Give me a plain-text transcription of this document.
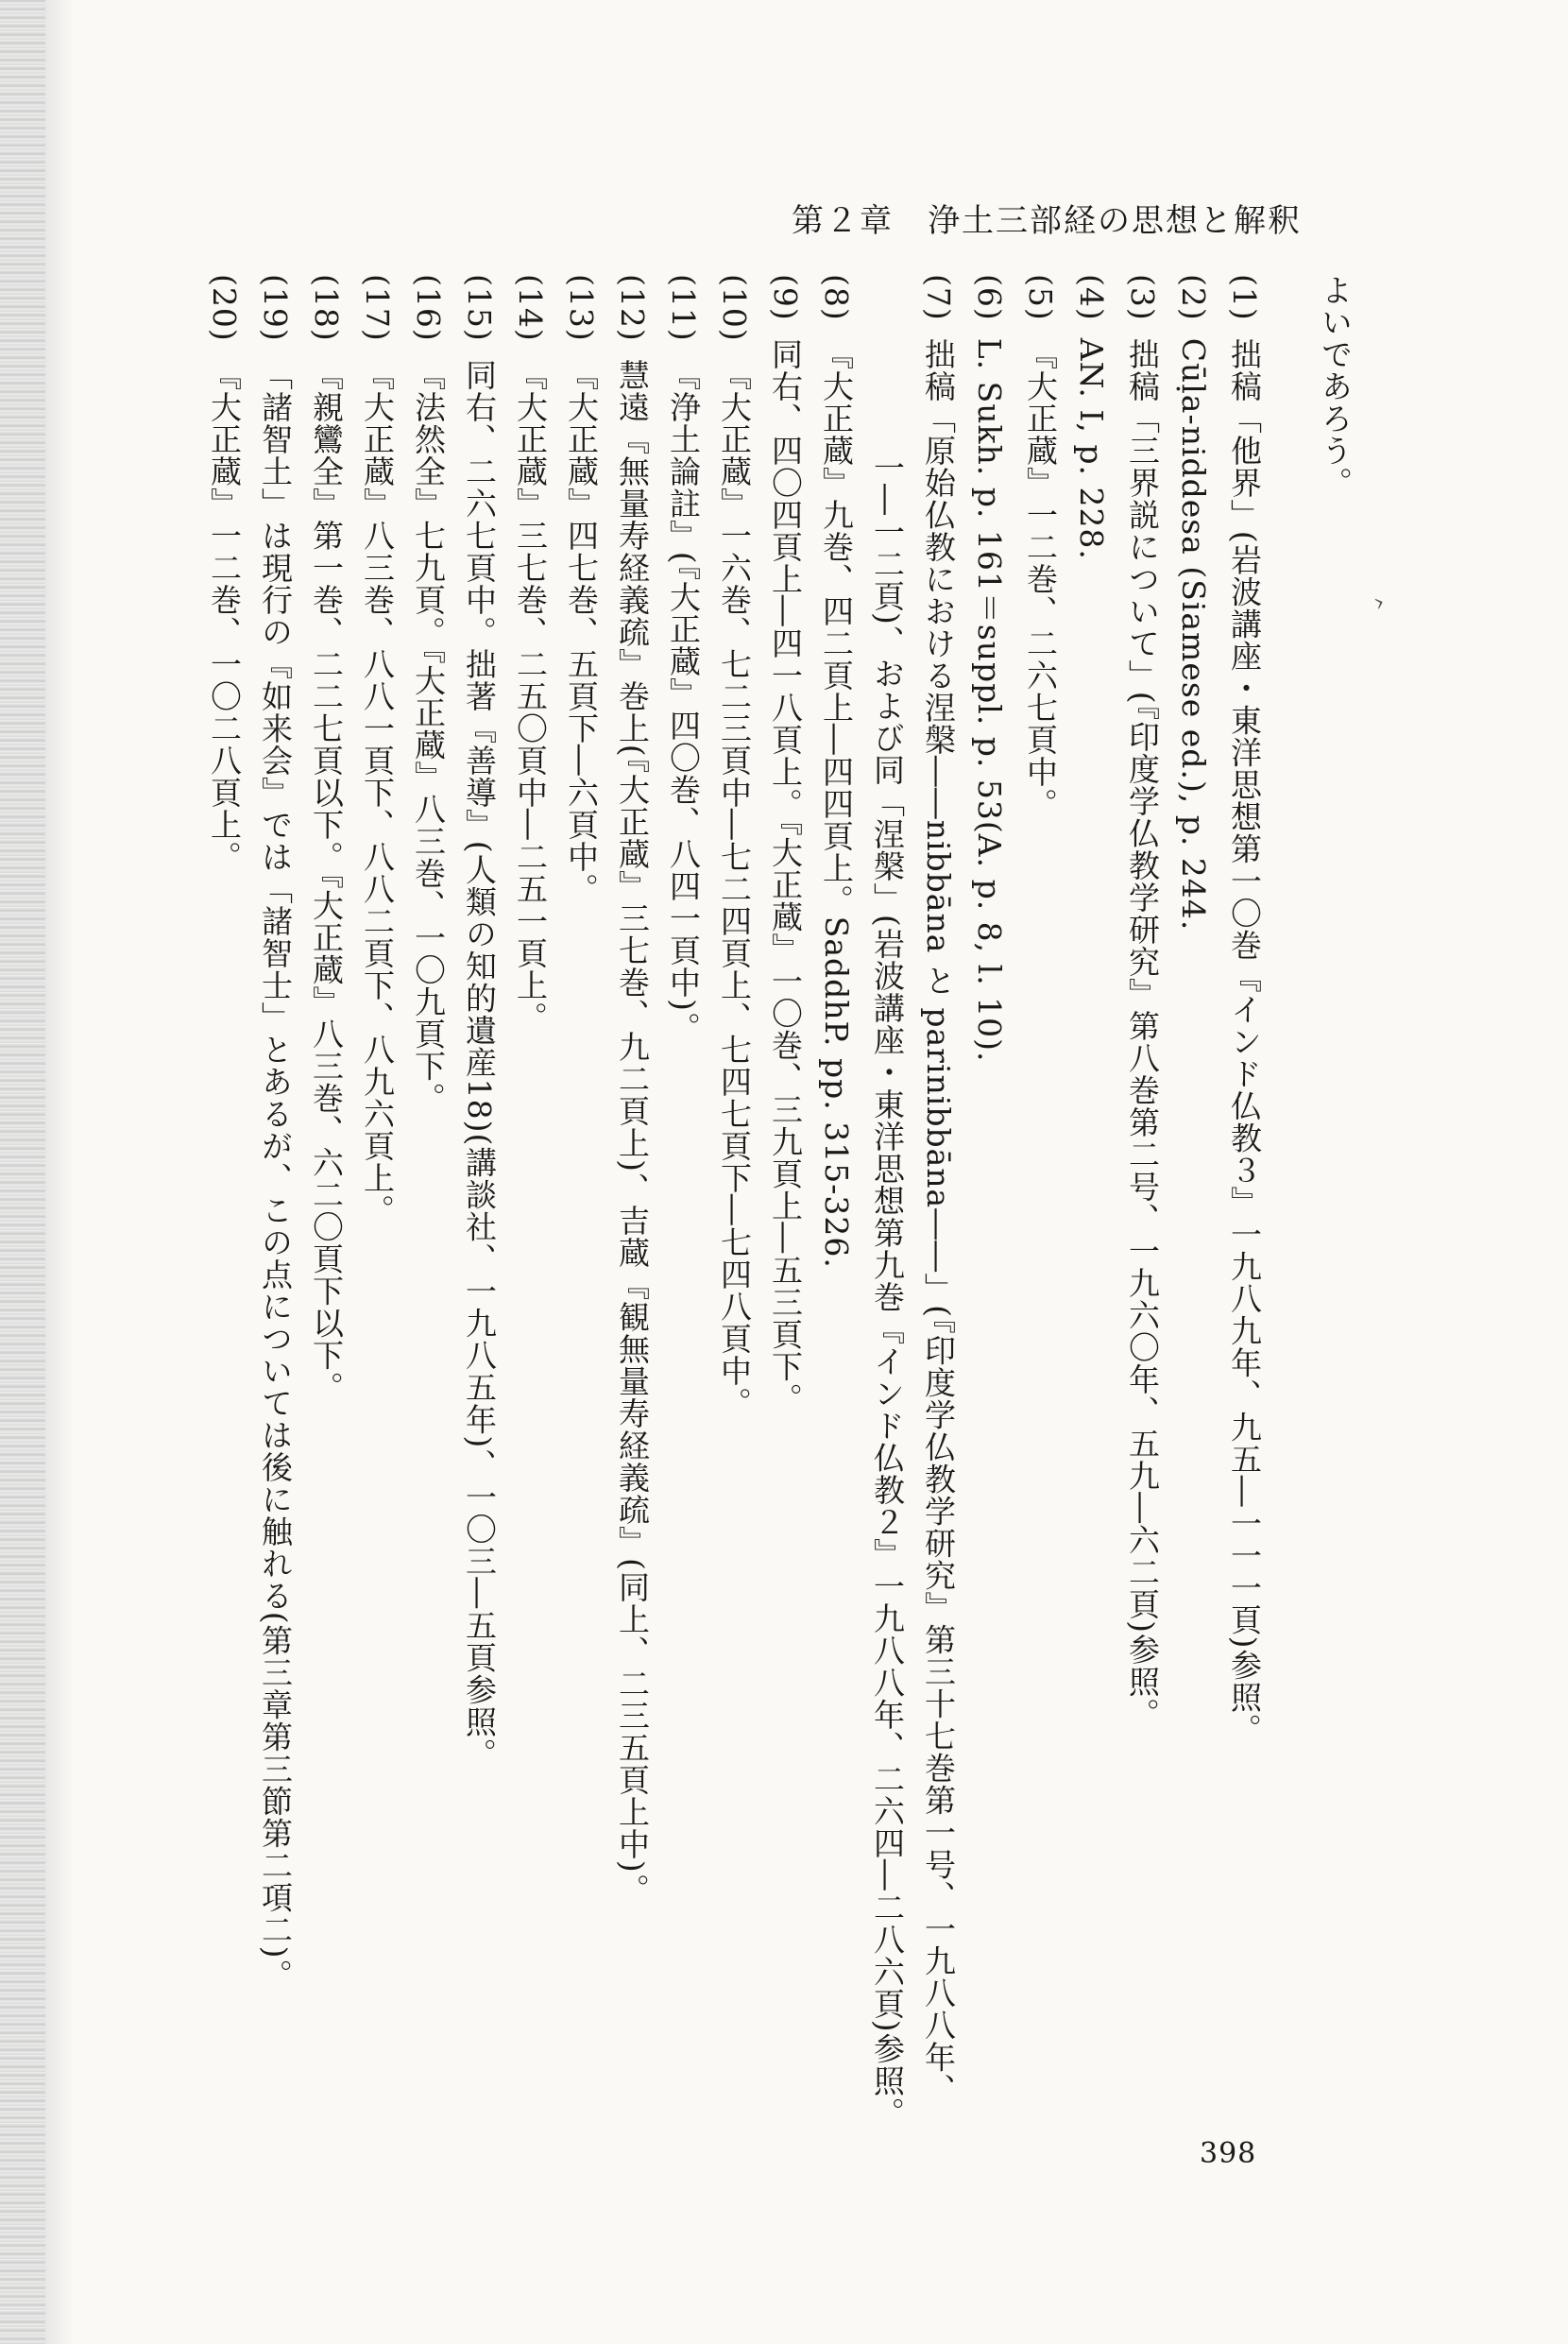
第２章　浄土三部経の思想と解釈
›
よいであろう。
(1)拙稿「他界」(岩波講座・東洋思想第一〇巻『インド仏教３』一九八九年、九五―一一一頁)参照。
(2)Cūḷa-niddesa (Siamese ed.), p. 244.
(3)拙稿「三界説について」(『印度学仏教学研究』第八巻第二号、一九六〇年、五九―六二頁)参照。
(4)AN. I, p. 228.
(5)『大正蔵』一二巻、二六七頁中。
(6)L. Sukh. p. 161＝suppl. p. 53(A. p. 8, l. 10).
(7)拙稿「原始仏教における涅槃――nibbāna と parinibbāna――」(『印度学仏教学研究』第三十七巻第一号、一九八八年、
一―一二頁)、および同「涅槃」(岩波講座・東洋思想第九巻『インド仏教２』一九八八年、二六四―二八六頁)参照。
(8)『大正蔵』九巻、四二頁上―四四頁上。SaddhP. pp. 315-326.
(9)同右、四〇四頁上―四一八頁上。『大正蔵』一〇巻、三九頁上―五三頁下。
(10)『大正蔵』一六巻、七二三頁中―七二四頁上、七四七頁下―七四八頁中。
(11)『浄土論註』(『大正蔵』四〇巻、八四一頁中)。
(12)慧遠『無量寿経義疏』巻上(『大正蔵』三七巻、九二頁上)、吉蔵『観無量寿経義疏』(同上、二三五頁上中)。
(13)『大正蔵』四七巻、五頁下―六頁中。
(14)『大正蔵』三七巻、二五〇頁中―二五一頁上。
(15)同右、二六七頁中。拙著『善導』(人類の知的遺産18)(講談社、一九八五年)、一〇三―五頁参照。
(16)『法然全』七九頁。『大正蔵』八三巻、一〇九頁下。
(17)『大正蔵』八三巻、八八一頁下、八八二頁下、八九六頁上。
(18)『親鸞全』第一巻、二二七頁以下。『大正蔵』八三巻、六二〇頁下以下。
(19)「諸智土」は現行の『如来会』では「諸智士」とあるが、この点については後に触れる(第三章第三節第二項二)。
(20)『大正蔵』一二巻、一〇二八頁上。
398
